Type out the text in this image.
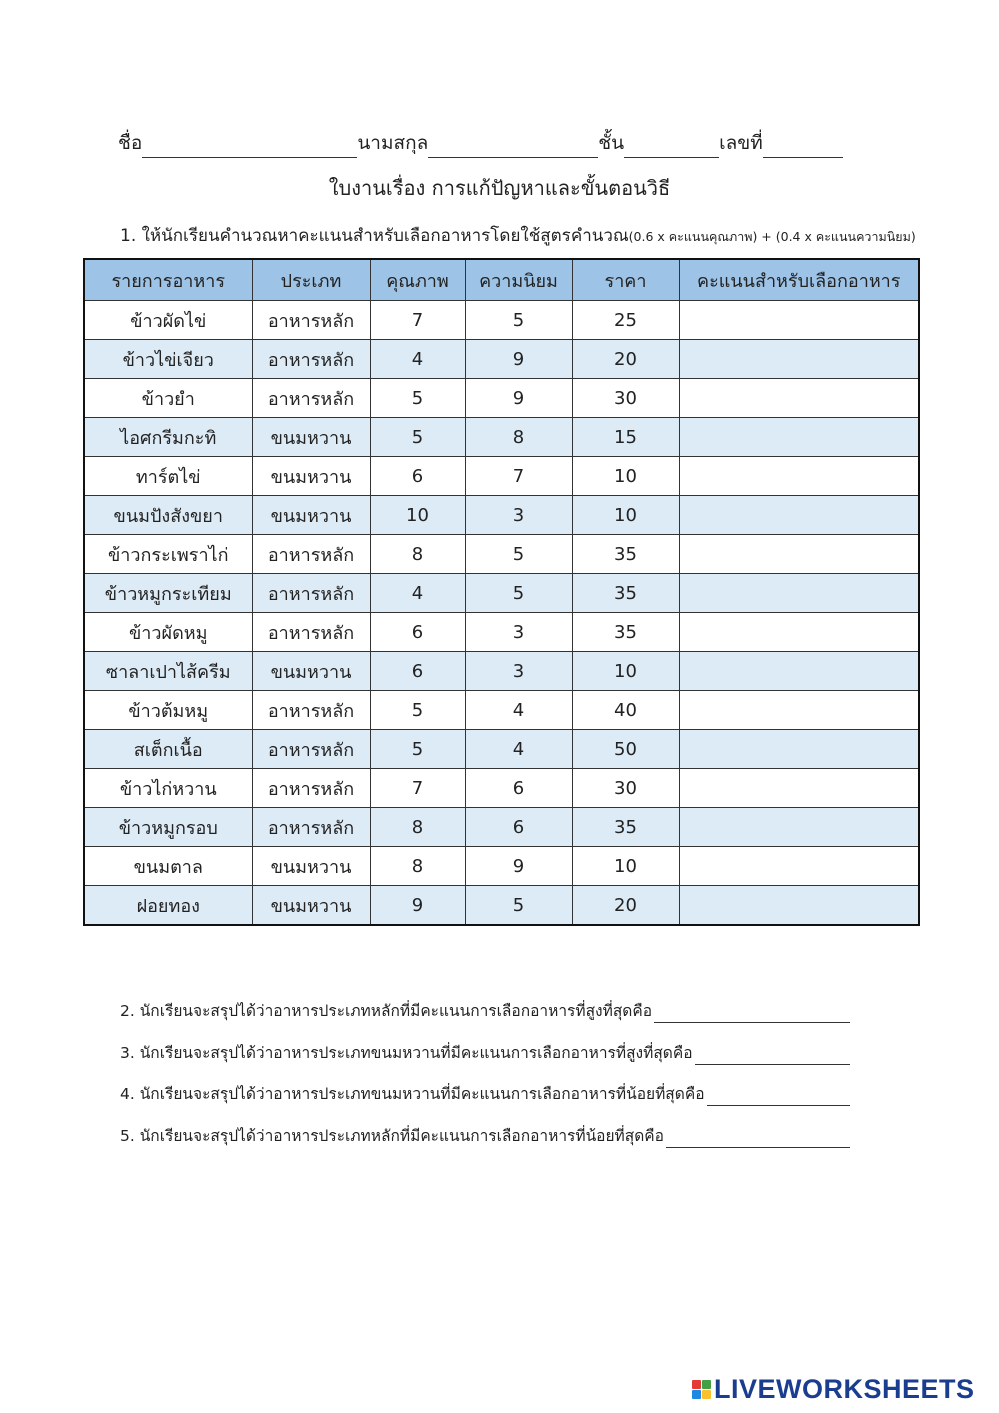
ชื่อ	นามสกุล	ชั้น	เลขที่
ใบงานเรื่อง การแก้ปัญหาและขั้นตอนวิธี
1. ให้นักเรียนคำนวณหาคะแนนสำหรับเลือกอาหารโดยใช้สูตรคำนวณ(0.6 x คะแนนคุณภาพ) + (0.4 x คะแนนความนิยม)
รายการอาหาร	ประเภท	คุณภาพ	ความนิยม	ราคา	คะแนนสำหรับเลือกอาหาร
ข้าวผัดไข่	อาหารหลัก	7	5	25	
ข้าวไข่เจียว	อาหารหลัก	4	9	20	
ข้าวยำ	อาหารหลัก	5	9	30	
ไอศกรีมกะทิ	ขนมหวาน	5	8	15	
ทาร์ตไข่	ขนมหวาน	6	7	10	
ขนมปังสังขยา	ขนมหวาน	10	3	10	
ข้าวกระเพราไก่	อาหารหลัก	8	5	35	
ข้าวหมูกระเทียม	อาหารหลัก	4	5	35	
ข้าวผัดหมู	อาหารหลัก	6	3	35	
ซาลาเปาไส้ครีม	ขนมหวาน	6	3	10	
ข้าวต้มหมู	อาหารหลัก	5	4	40	
สเต็กเนื้อ	อาหารหลัก	5	4	50	
ข้าวไก่หวาน	อาหารหลัก	7	6	30	
ข้าวหมูกรอบ	อาหารหลัก	8	6	35	
ขนมตาล	ขนมหวาน	8	9	10	
ฝอยทอง	ขนมหวาน	9	5	20	
2. นักเรียนจะสรุปได้ว่าอาหารประเภทหลักที่มีคะแนนการเลือกอาหารที่สูงที่สุดคือ
3. นักเรียนจะสรุปได้ว่าอาหารประเภทขนมหวานที่มีคะแนนการเลือกอาหารที่สูงที่สุดคือ
4. นักเรียนจะสรุปได้ว่าอาหารประเภทขนมหวานที่มีคะแนนการเลือกอาหารที่น้อยที่สุดคือ
5. นักเรียนจะสรุปได้ว่าอาหารประเภทหลักที่มีคะแนนการเลือกอาหารที่น้อยที่สุดคือ
LIVEWORKSHEETS
